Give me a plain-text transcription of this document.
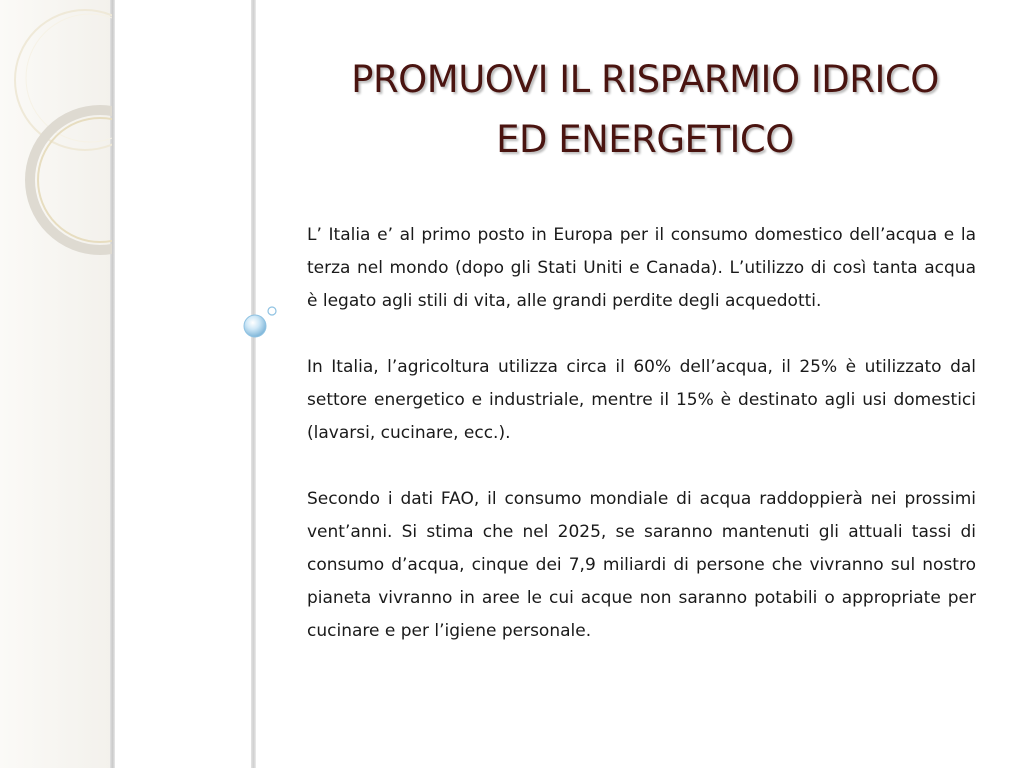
PROMUOVI IL RISPARMIO IDRICO
ED ENERGETICO

L’ Italia e’ al primo posto in Europa per il consumo domestico dell’acqua e la terza nel mondo (dopo gli Stati Uniti e Canada). L’utilizzo di così tanta acqua è legato agli stili di vita, alle grandi perdite degli acquedotti.

In Italia, l’agricoltura utilizza circa il 60% dell’acqua, il 25% è utilizzato dal settore energetico e industriale, mentre il 15% è destinato agli usi domestici (lavarsi, cucinare, ecc.).

Secondo i dati FAO, il consumo mondiale di acqua raddoppierà nei prossimi vent’anni. Si stima che nel 2025, se saranno mantenuti gli attuali tassi di consumo d’acqua, cinque dei 7,9 miliardi di persone che vivranno sul nostro pianeta vivranno in aree le cui acque non saranno potabili o appropriate per cucinare e per l’igiene personale.
